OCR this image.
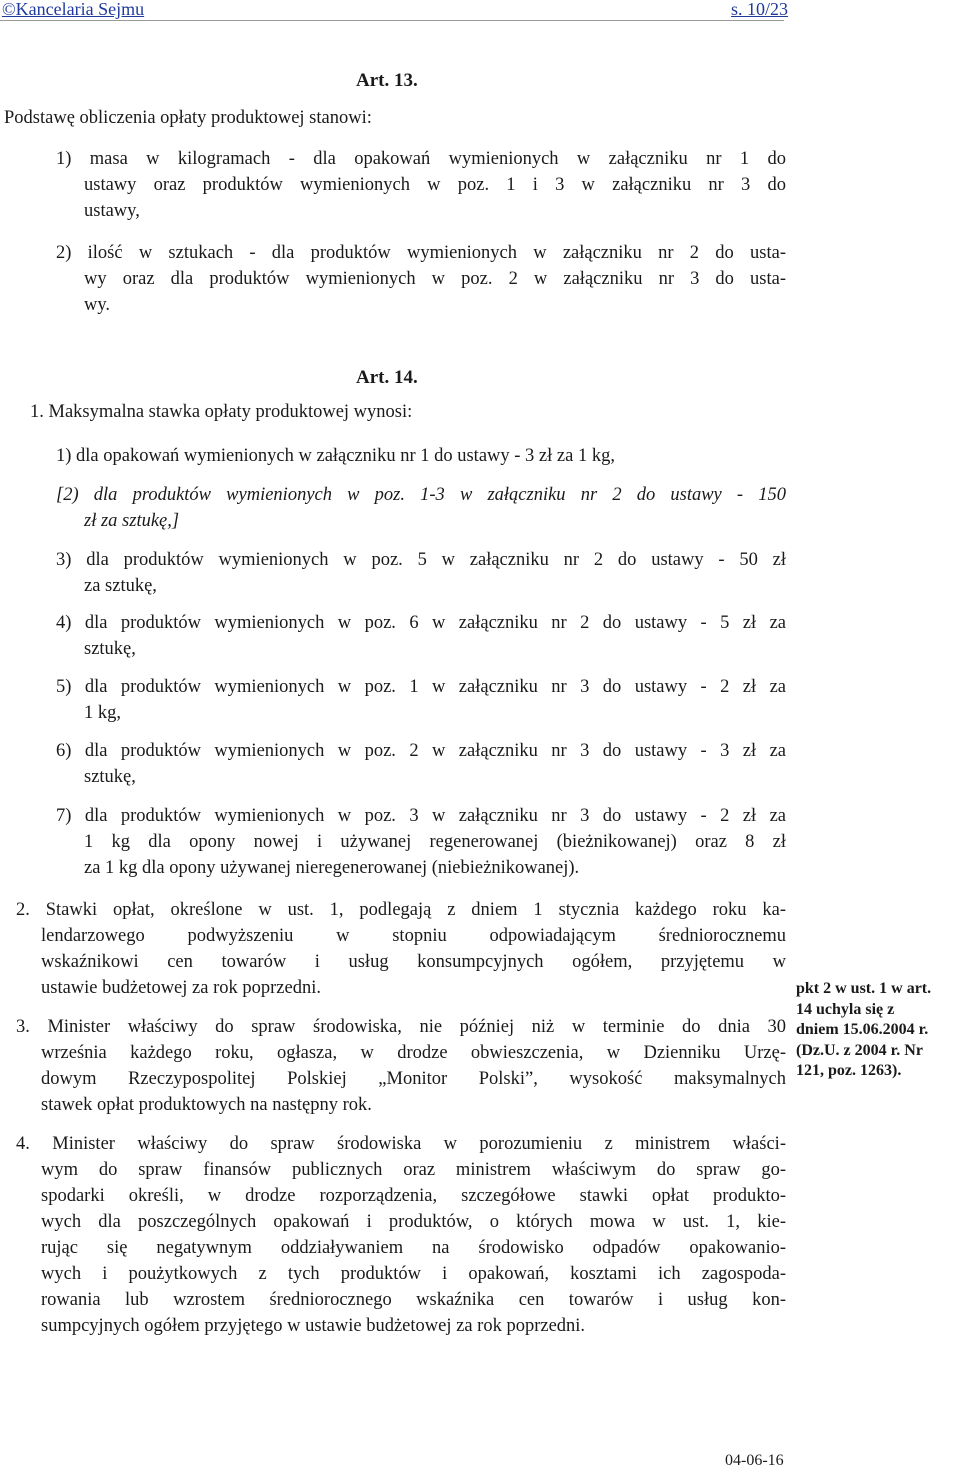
©Kancelaria Sejmu	s. 10/23
Art. 13.
Podstawę obliczenia opłaty produktowej stanowi:
1) masa w kilogramach - dla opakowań wymienionych w załączniku nr 1 do
ustawy oraz produktów wymienionych w poz. 1 i 3 w załączniku nr 3 do
ustawy,
2) ilość w sztukach - dla produktów wymienionych w załączniku nr 2 do usta-
wy oraz dla produktów wymienionych w poz. 2 w załączniku nr 3 do usta-
wy.
Art. 14.
1. Maksymalna stawka opłaty produktowej wynosi:
1) dla opakowań wymienionych w załączniku nr 1 do ustawy - 3 zł za 1 kg,
[2) dla produktów wymienionych w poz. 1-3 w załączniku nr 2 do ustawy - 150
zł za sztukę,]
3) dla produktów wymienionych w poz. 5 w załączniku nr 2 do ustawy - 50 zł
za sztukę,
4) dla produktów wymienionych w poz. 6 w załączniku nr 2 do ustawy - 5 zł za
sztukę,
5) dla produktów wymienionych w poz. 1 w załączniku nr 3 do ustawy - 2 zł za
1 kg,
6) dla produktów wymienionych w poz. 2 w załączniku nr 3 do ustawy - 3 zł za
sztukę,
7) dla produktów wymienionych w poz. 3 w załączniku nr 3 do ustawy - 2 zł za
1 kg dla opony nowej i używanej regenerowanej (bieżnikowanej) oraz 8 zł
za 1 kg dla opony używanej nieregenerowanej (niebieżnikowanej).
2. Stawki opłat, określone w ust. 1, podlegają z dniem 1 stycznia każdego roku ka-
lendarzowego podwyższeniu w stopniu odpowiadającym średniorocznemu
wskaźnikowi cen towarów i usług konsumpcyjnych ogółem, przyjętemu w
ustawie budżetowej za rok poprzedni.
3. Minister właściwy do spraw środowiska, nie później niż w terminie do dnia 30
września każdego roku, ogłasza, w drodze obwieszczenia, w Dzienniku Urzę-
dowym Rzeczypospolitej Polskiej „Monitor Polski”, wysokość maksymalnych
stawek opłat produktowych na następny rok.
4. Minister właściwy do spraw środowiska w porozumieniu z ministrem właści-
wym do spraw finansów publicznych oraz ministrem właściwym do spraw go-
spodarki określi, w drodze rozporządzenia, szczegółowe stawki opłat produkto-
wych dla poszczególnych opakowań i produktów, o których mowa w ust. 1, kie-
rując się negatywnym oddziaływaniem na środowisko odpadów opakowanio-
wych i poużytkowych z tych produktów i opakowań, kosztami ich zagospoda-
rowania lub wzrostem średniorocznego wskaźnika cen towarów i usług kon-
sumpcyjnych ogółem przyjętego w ustawie budżetowej za rok poprzedni.
pkt 2 w ust. 1 w art.
14 uchyla się z
dniem 15.06.2004 r.
(Dz.U. z 2004 r. Nr
121, poz. 1263).
04-06-16
